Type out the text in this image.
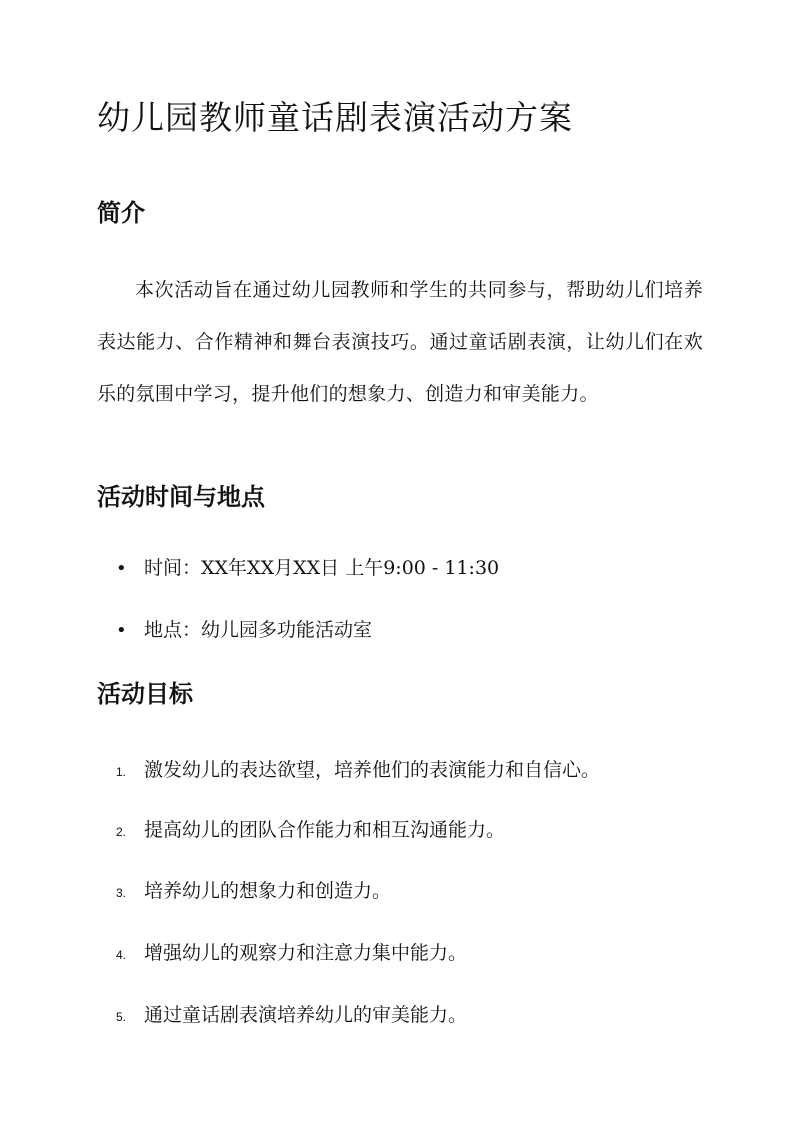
幼儿园教师童话剧表演活动方案
简介

本次活动旨在通过幼儿园教师和学生的共同参与，帮助幼儿们培养表达能力、合作精神和舞台表演技巧。通过童话剧表演，让幼儿们在欢乐的氛围中学习，提升他们的想象力、创造力和审美能力。

活动时间与地点

• 时间：XX年XX月XX日 上午9:00 - 11:30

• 地点：幼儿园多功能活动室

活动目标

1. 激发幼儿的表达欲望，培养他们的表演能力和自信心。

2. 提高幼儿的团队合作能力和相互沟通能力。

3. 培养幼儿的想象力和创造力。

4. 增强幼儿的观察力和注意力集中能力。

5. 通过童话剧表演培养幼儿的审美能力。
